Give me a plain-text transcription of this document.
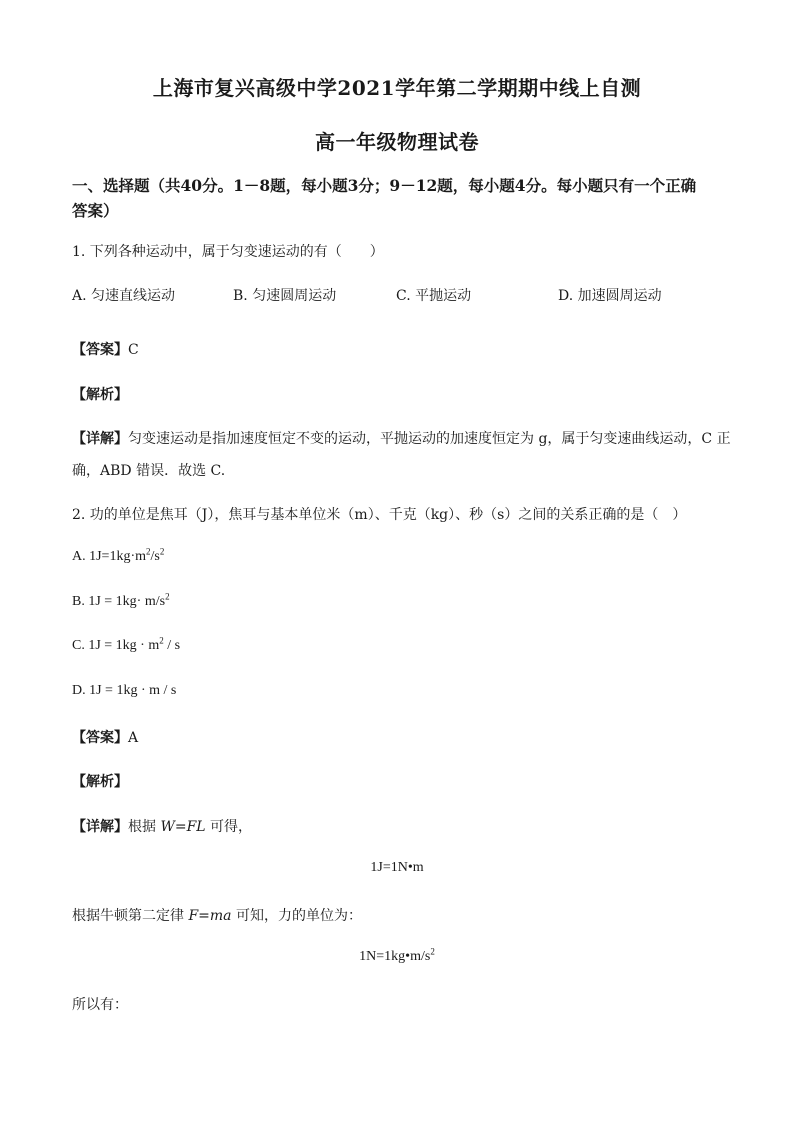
上海市复兴高级中学2021学年第二学期期中线上自测
高一年级物理试卷
一、选择题（共40分。1－8题，每小题3分；9－12题，每小题4分。每小题只有一个正确
答案）
1. 下列各种运动中，属于匀变速运动的有（　　）
A. 匀速直线运动	B. 匀速圆周运动	C. 平抛运动	D. 加速圆周运动
【答案】C
【解析】
【详解】匀变速运动是指加速度恒定不变的运动，平抛运动的加速度恒定为 g，属于匀变速曲线运动，C 正
确，ABD 错误．故选 C.
2. 功的单位是焦耳（J），焦耳与基本单位米（m）、千克（kg）、秒（s）之间的关系正确的是（　）
A. $1J=1kg\cdot m^2/s^2$
B. $1J = 1kg\cdot m/s^2$
C. $1J = 1kg \cdot m^2 / s$
D. 1J = 1kg · m / s
【答案】A
【解析】
【详解】根据 W=FL 可得，
1J=1N•m
根据牛顿第二定律 F=ma 可知，力的单位为：
$1N=1kg•m/s^2$
所以有：
